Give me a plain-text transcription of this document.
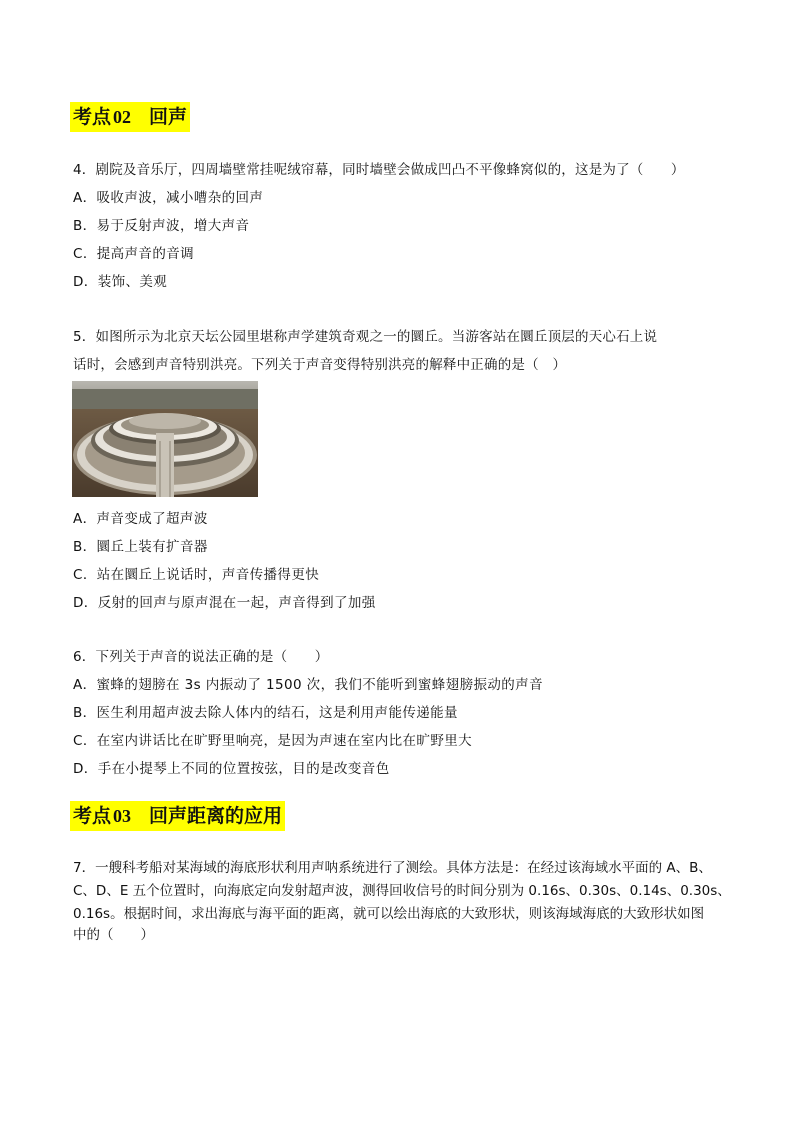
考点 02 回声
4．剧院及音乐厅，四周墙壁常挂呢绒帘幕，同时墙壁会做成凹凸不平像蜂窝似的，这是为了（　　）
A．吸收声波，减小嘈杂的回声
B．易于反射声波，增大声音
C．提高声音的音调
D．装饰、美观
5．如图所示为北京天坛公园里堪称声学建筑奇观之一的圜丘。当游客站在圜丘顶层的天心石上说
话时，会感到声音特别洪亮。下列关于声音变得特别洪亮的解释中正确的是（　）
A．声音变成了超声波
B．圜丘上装有扩音器
C．站在圜丘上说话时，声音传播得更快
D．反射的回声与原声混在一起，声音得到了加强
6．下列关于声音的说法正确的是（　　）
A．蜜蜂的翅膀在 3s 内振动了 1500 次，我们不能听到蜜蜂翅膀振动的声音
B．医生利用超声波去除人体内的结石，这是利用声能传递能量
C．在室内讲话比在旷野里响亮，是因为声速在室内比在旷野里大
D．手在小提琴上不同的位置按弦，目的是改变音色
考点 03 回声距离的应用
7．一艘科考船对某海域的海底形状利用声呐系统进行了测绘。具体方法是：在经过该海域水平面的 A、B、
C、D、E 五个位置时，向海底定向发射超声波，测得回收信号的时间分别为 0.16s、0.30s、0.14s、0.30s、
0.16s。根据时间，求出海底与海平面的距离，就可以绘出海底的大致形状，则该海域海底的大致形状如图
中的（　　）
